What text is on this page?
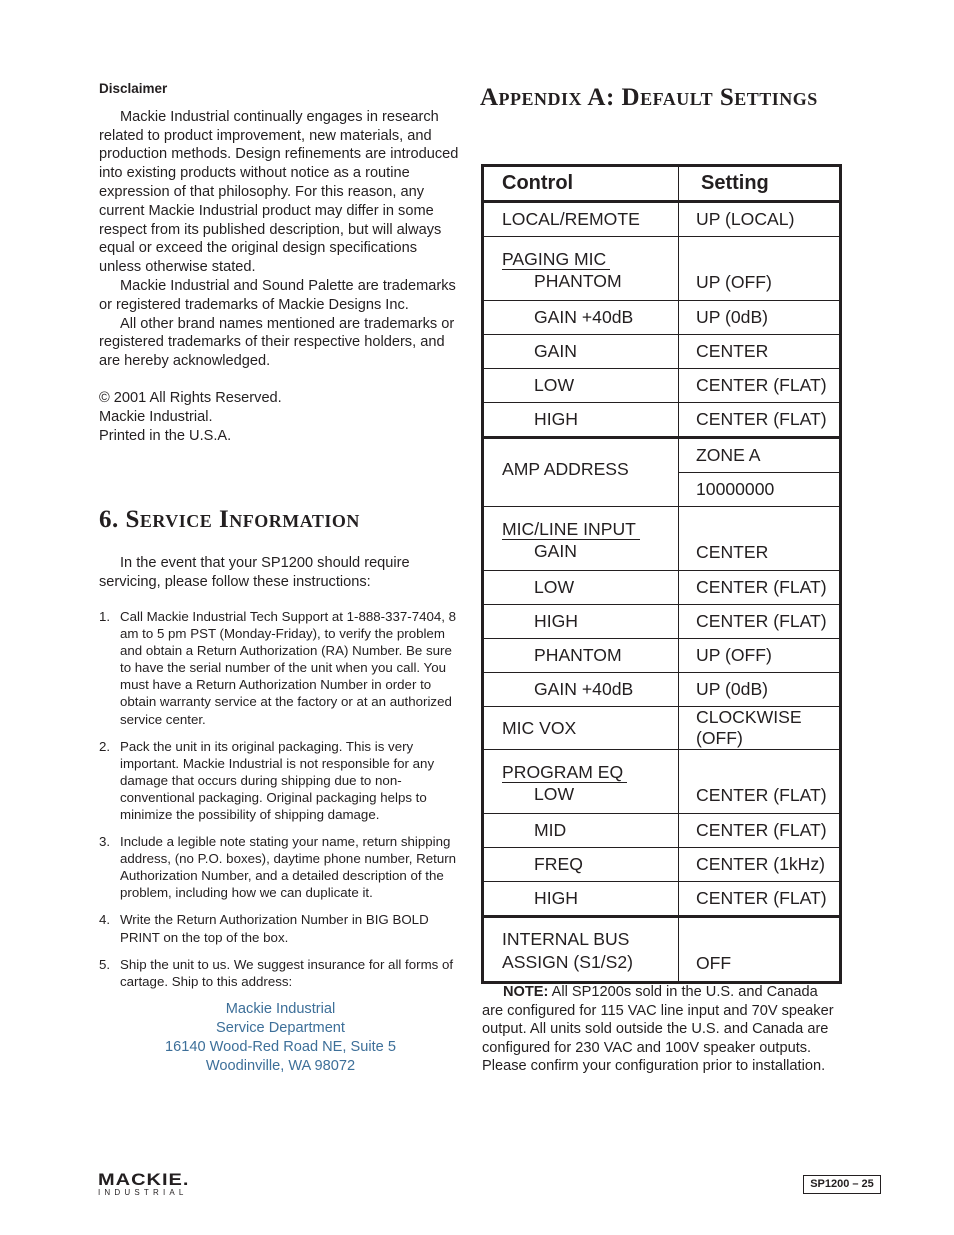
Disclaimer

Mackie Industrial continually engages in research related to product improvement, new materials, and production methods. Design refinements are introduced into existing products without notice as a routine expression of that philosophy. For this reason, any current Mackie Industrial product may differ in some respect from its published description, but will always equal or exceed the original design specifications unless otherwise stated.

Mackie Industrial and Sound Palette are trademarks or registered trademarks of Mackie Designs Inc.

All other brand names mentioned are trademarks or registered trademarks of their respective holders, and are hereby acknowledged.

© 2001 All Rights Reserved.

Mackie Industrial.

Printed in the U.S.A.

6. Service Information

In the event that your SP1200 should require servicing, please follow these instructions:

1. Call Mackie Industrial Tech Support at 1-888-337-7404, 8 am to 5 pm PST (Monday-Friday), to verify the problem and obtain a Return Authorization (RA) Number. Be sure to have the serial number of the unit when you call. You must have a Return Authorization Number in order to obtain warranty service at the factory or at an authorized service center.
2. Pack the unit in its original packaging. This is very important. Mackie Industrial is not responsible for any damage that occurs during shipping due to non-conventional packaging. Original packaging helps to minimize the possibility of shipping damage.
3. Include a legible note stating your name, return shipping address, (no P.O. boxes), daytime phone number, Return Authorization Number, and a detailed description of the problem, including how we can duplicate it.
4. Write the Return Authorization Number in BIG BOLD PRINT on the top of the box.
5. Ship the unit to us. We suggest insurance for all forms of cartage. Ship to this address:

Mackie Industrial

Service Department

16140 Wood-Red Road NE, Suite 5

Woodinville, WA 98072

Appendix A: Default Settings
Control	Setting
LOCAL/REMOTE	UP (LOCAL)
PAGING MIC
PHANTOM	UP (OFF)

GAIN +40dB	UP (0dB)

GAIN	CENTER

LOW	CENTER (FLAT)

HIGH	CENTER (FLAT)
AMP ADDRESS	ZONE A
	10000000
MIC/LINE INPUT
GAIN	CENTER

LOW	CENTER (FLAT)

HIGH	CENTER (FLAT)

PHANTOM	UP (OFF)

GAIN +40dB	UP (0dB)
MIC VOX	CLOCKWISE (OFF)
PROGRAM EQ
LOW	CENTER (FLAT)

MID	CENTER (FLAT)

FREQ	CENTER (1kHz)

HIGH	CENTER (FLAT)

INTERNAL BUS
ASSIGN (S1/S2)	OFF

NOTE: All SP1200s sold in the U.S. and Canada are configured for 115 VAC line input and 70V speaker output. All units sold outside the U.S. and Canada are configured for 230 VAC and 100V speaker outputs. Please confirm your configuration prior to installation.

MACKIE.
INDUSTRIAL
SP1200 – 25
